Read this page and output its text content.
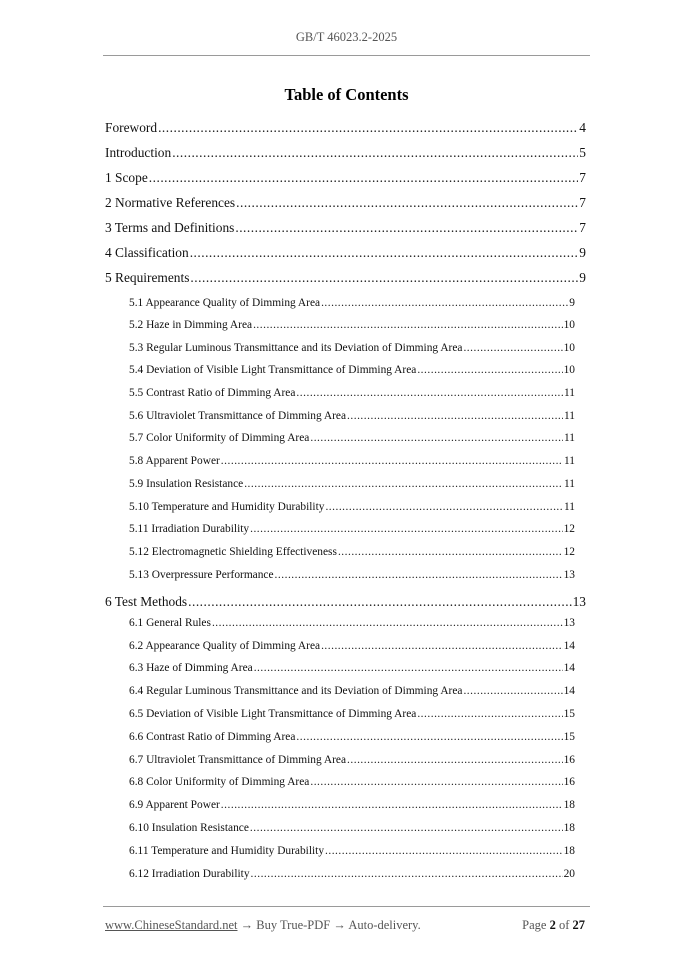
GB/T 46023.2-2025
Table of Contents
Foreword .....	4
Introduction .....	5
1 Scope .....	7
2 Normative References .....	7
3 Terms and Definitions .....	7
4 Classification .....	9
5 Requirements .....	9
5.1 Appearance Quality of Dimming Area .....	9
5.2 Haze in Dimming Area .....	10
5.3 Regular Luminous Transmittance and its Deviation of Dimming Area .....	10
5.4 Deviation of Visible Light Transmittance of Dimming Area .....	10
5.5 Contrast Ratio of Dimming Area .....	11
5.6 Ultraviolet Transmittance of Dimming Area .....	11
5.7 Color Uniformity of Dimming Area .....	11
5.8 Apparent Power .....	11
5.9 Insulation Resistance .....	11
5.10 Temperature and Humidity Durability .....	11
5.11 Irradiation Durability .....	12
5.12 Electromagnetic Shielding Effectiveness .....	12
5.13 Overpressure Performance .....	13
6 Test Methods .....	13
6.1 General Rules .....	13
6.2 Appearance Quality of Dimming Area .....	14
6.3 Haze of Dimming Area .....	14
6.4 Regular Luminous Transmittance and its Deviation of Dimming Area .....	14
6.5 Deviation of Visible Light Transmittance of Dimming Area .....	15
6.6 Contrast Ratio of Dimming Area .....	15
6.7 Ultraviolet Transmittance of Dimming Area .....	16
6.8 Color Uniformity of Dimming Area .....	16
6.9 Apparent Power .....	18
6.10 Insulation Resistance .....	18
6.11 Temperature and Humidity Durability .....	18
6.12 Irradiation Durability .....	20
www.ChineseStandard.net → Buy True-PDF → Auto-delivery.	Page 2 of 27
